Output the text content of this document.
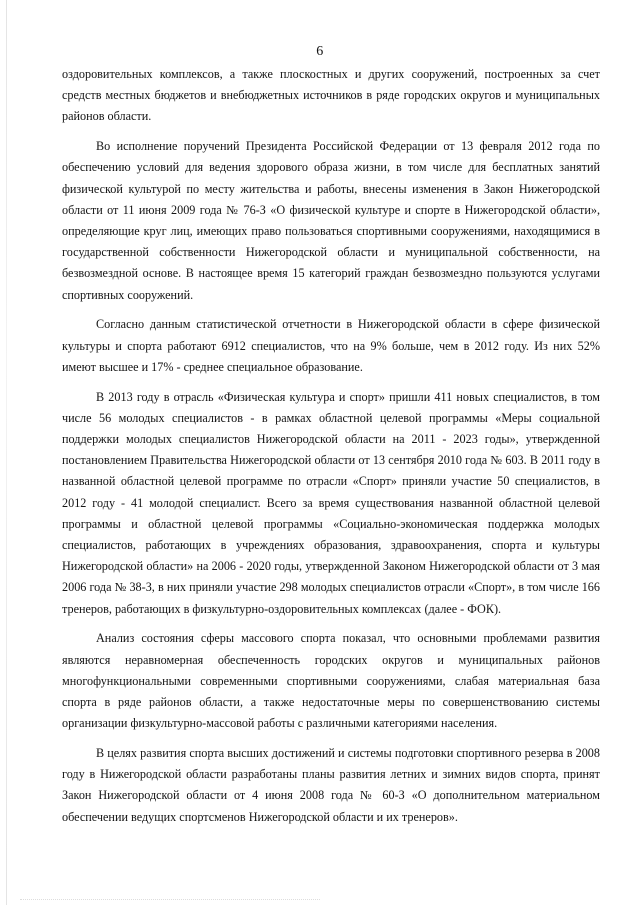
6

оздоровительных комплексов, а также плоскостных и других сооружений, построенных за счет средств местных бюджетов и внебюджетных источников в ряде городских округов и муниципальных районов области.

Во исполнение поручений Президента Российской Федерации от 13 февраля 2012 года по обеспечению условий для ведения здорового образа жизни, в том числе для бесплатных занятий физической культурой по месту жительства и работы, внесены изменения в Закон Нижегородской области от 11 июня 2009 года № 76-З «О физической культуре и спорте в Нижегородской области», определяющие круг лиц, имеющих право пользоваться спортивными сооружениями, находящимися в государственной собственности Нижегородской области и муниципальной собственности, на безвозмездной основе. В настоящее время 15 категорий граждан безвозмездно пользуются услугами спортивных сооружений.

Согласно данным статистической отчетности в Нижегородской области в сфере физической культуры и спорта работают 6912 специалистов, что на 9% больше, чем в 2012 году. Из них 52% имеют высшее и 17% - среднее специальное образование.

В 2013 году в отрасль «Физическая культура и спорт» пришли 411 новых специалистов, в том числе 56 молодых специалистов - в рамках областной целевой программы «Меры социальной поддержки молодых специалистов Нижегородской области на 2011 - 2023 годы», утвержденной постановлением Правительства Нижегородской области от 13 сентября 2010 года № 603. В 2011 году в названной областной целевой программе по отрасли «Спорт» приняли участие 50 специалистов, в 2012 году - 41 молодой специалист. Всего за время существования названной областной целевой программы и областной целевой программы «Социально-экономическая поддержка молодых специалистов, работающих в учреждениях образования, здравоохранения, спорта и культуры Нижегородской области» на 2006 - 2020 годы, утвержденной Законом Нижегородской области от 3 мая 2006 года № 38-З, в них приняли участие 298 молодых специалистов отрасли «Спорт», в том числе 166 тренеров, работающих в физкультурно-оздоровительных комплексах (далее - ФОК).

Анализ состояния сферы массового спорта показал, что основными проблемами развития являются неравномерная обеспеченность городских округов и муниципальных районов многофункциональными современными спортивными сооружениями, слабая материальная база спорта в ряде районов области, а также недостаточные меры по совершенствованию системы организации физкультурно-массовой работы с различными категориями населения.

В целях развития спорта высших достижений и системы подготовки спортивного резерва в 2008 году в Нижегородской области разработаны планы развития летних и зимних видов спорта, принят Закон Нижегородской области от 4 июня 2008 года № 60-З «О дополнительном материальном обеспечении ведущих спортсменов Нижегородской области и их тренеров».
